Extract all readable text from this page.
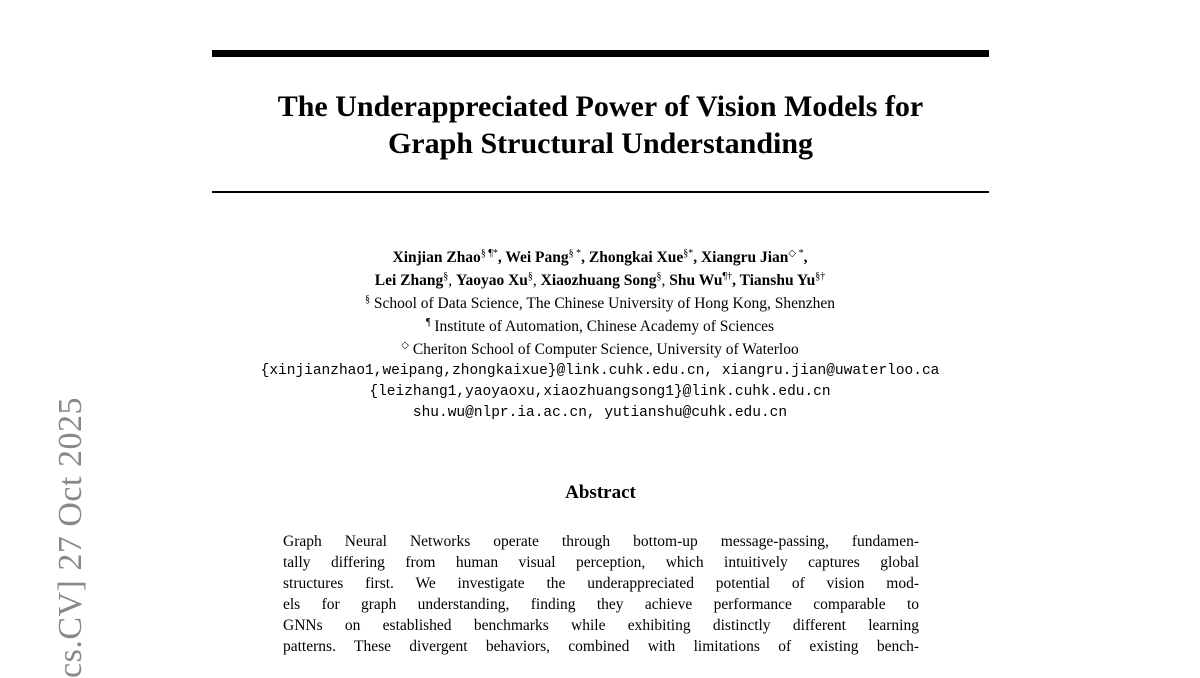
cs.CV] 27 Oct 2025
The Underappreciated Power of Vision Models for
Graph Structural Understanding
Xinjian Zhao§ ¶*, Wei Pang§ *, Zhongkai Xue§*, Xiangru Jian◇ *,
Lei Zhang§, Yaoyao Xu§, Xiaozhuang Song§, Shu Wu¶†, Tianshu Yu§†
§ School of Data Science, The Chinese University of Hong Kong, Shenzhen
¶ Institute of Automation, Chinese Academy of Sciences
◇ Cheriton School of Computer Science, University of Waterloo
{xinjianzhao1,weipang,zhongkaixue}@link.cuhk.edu.cn, xiangru.jian@uwaterloo.ca
{leizhang1,yaoyaoxu,xiaozhuangsong1}@link.cuhk.edu.cn
shu.wu@nlpr.ia.ac.cn, yutianshu@cuhk.edu.cn
Abstract
Graph Neural Networks operate through bottom-up message-passing, fundamen-
tally differing from human visual perception, which intuitively captures global
structures first. We investigate the underappreciated potential of vision mod-
els for graph understanding, finding they achieve performance comparable to
GNNs on established benchmarks while exhibiting distinctly different learning
patterns. These divergent behaviors, combined with limitations of existing bench-
